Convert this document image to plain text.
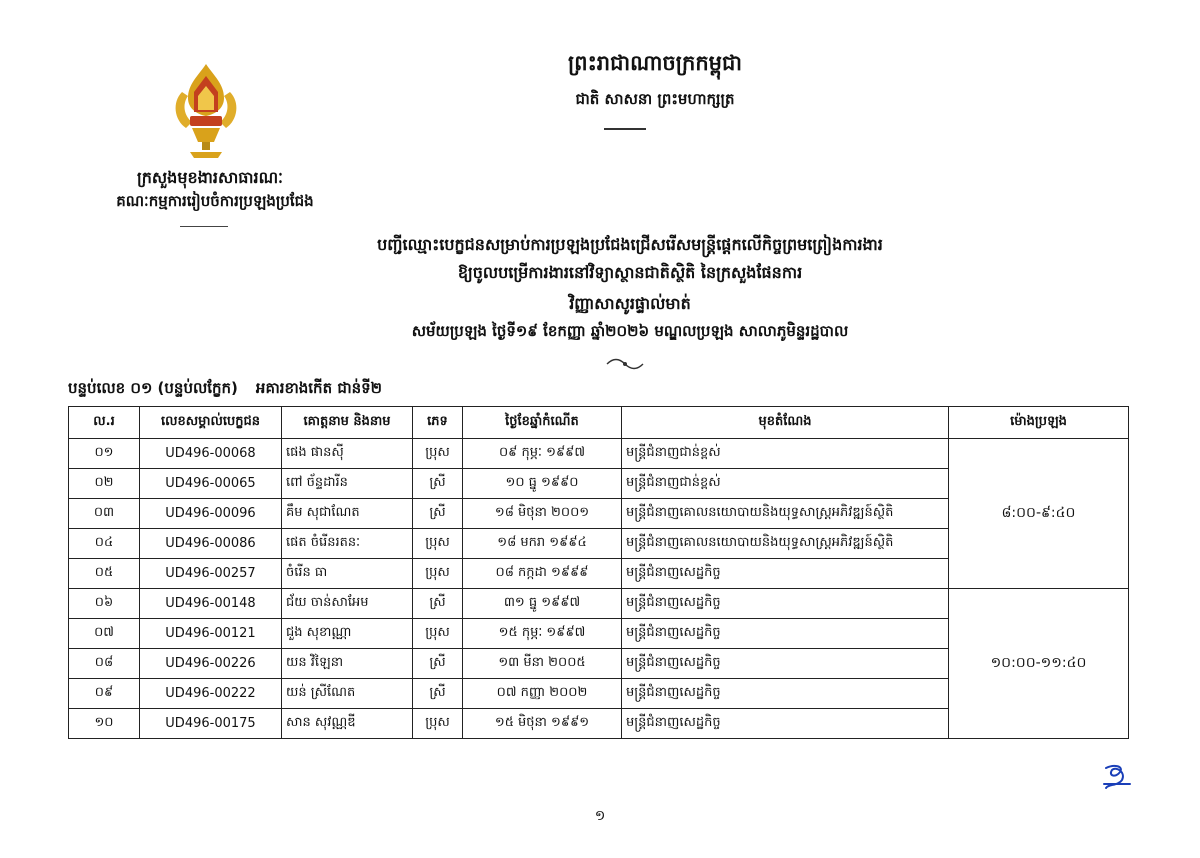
ព្រះរាជាណាចក្រកម្ពុជា
ជាតិ សាសនា ព្រះមហាក្សត្រ
ក្រសួងមុខងារសាធារណៈ
គណៈកម្មការរៀបចំការប្រឡងប្រជែង
បញ្ជីឈ្មោះបេក្ខជនសម្រាប់ការប្រឡងប្រជែងជ្រើសរើសមន្ត្រីផ្ដេកលើកិច្ចព្រមព្រៀងការងារ
ឱ្យចូលបម្រើការងារនៅវិទ្យាស្ថានជាតិស្ថិតិ នៃក្រសួងផែនការ
វិញ្ញាសាសូរផ្ទាល់មាត់
សម័យប្រឡង ថ្ងៃទី១៩ ខែកញ្ញា ឆ្នាំ២០២៦ មណ្ឌលប្រឡង សាលាភូមិន្ទរដ្ឋបាល
បន្ទប់លេខ ០១ (បន្ទប់លក្ខែក) អគារខាងកើត ជាន់ទី២
ល.រ	លេខសម្គាល់បេក្ខជន	គោត្តនាម និងនាម	ភេទ	ថ្ងៃខែឆ្នាំកំណើត	មុខតំណែង	ម៉ោងប្រឡង
០១	UD496-00068	ផេង ផានស៊ី	ប្រុស	០៩ កុម្ភៈ ១៩៩៧	មន្ត្រីជំនាញជាន់ខ្ពស់	៨:០០-៩:៤០
០២	UD496-00065	ពៅ ច័ន្ទដារីន	ស្រី	១០ ធ្នូ ១៩៩០	មន្ត្រីជំនាញជាន់ខ្ពស់	
០៣	UD496-00096	គឹម សុជាណែត	ស្រី	១៨ មិថុនា ២០០១	មន្ត្រីជំនាញគោលនយោបាយនិងយុទ្ធសាស្ត្រអភិវឌ្ឍន៍ស្ថិតិ	
០៤	UD496-00086	ផេត ចំរើនរតនៈ	ប្រុស	១៨ មករា ១៩៩៤	មន្ត្រីជំនាញគោលនយោបាយនិងយុទ្ធសាស្ត្រអភិវឌ្ឍន៍ស្ថិតិ	
០៥	UD496-00257	ចំរើន ធា	ប្រុស	០៨ កក្កដា ១៩៩៩	មន្ត្រីជំនាញសេដ្ឋកិច្ច	
០៦	UD496-00148	ជ័យ ចាន់សាអែម	ស្រី	៣១ ធ្នូ ១៩៩៧	មន្ត្រីជំនាញសេដ្ឋកិច្ច	១០:០០-១១:៤០
០៧	UD496-00121	ជួង សុខាណ្ណា	ប្រុស	១៥ កុម្ភៈ ១៩៩៧	មន្ត្រីជំនាញសេដ្ឋកិច្ច	
០៨	UD496-00226	យន វិឡៃនា	ស្រី	១៣ មីនា ២០០៥	មន្ត្រីជំនាញសេដ្ឋកិច្ច	
០៩	UD496-00222	យន់ ស្រីណែត	ស្រី	០៧ កញ្ញា ២០០២	មន្ត្រីជំនាញសេដ្ឋកិច្ច	
១០	UD496-00175	សាន សុវណ្ណឌី	ប្រុស	១៥ មិថុនា ១៩៩១	មន្ត្រីជំនាញសេដ្ឋកិច្ច	
១
